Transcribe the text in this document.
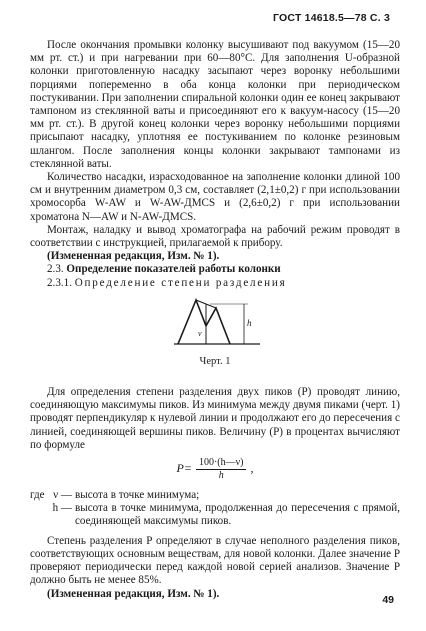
ГОСТ 14618.5—78 С. 3

После окончания промывки колонку высушивают под вакуумом (15—20 мм рт. ст.) и при нагревании при 60—80°С. Для заполнения U-образной колонки приготовленную насадку засыпают через воронку небольшими порциями попеременно в оба конца колонки при периодическом постукивании. При заполнении спиральной колонки один ее конец закрывают тампоном из стеклянной ваты и присоединяют его к вакуум-насосу (15—20 мм рт. ст.). В другой конец колонки через воронку небольшими порциями присыпают насадку, уплотняя ее постукиванием по колонке резиновым шлангом. После заполнения концы колонки закрывают тампонами из стеклянной ваты.

Количество насадки, израсходованное на заполнение колонки длиной 100 см и внутренним диаметром 0,3 см, составляет (2,1±0,2) г при использовании хромосорба W-AW и W-AW-ДМCS и (2,6±0,2) г при использовании хроматона N—AW и N-AW-ДМCS.

Монтаж, наладку и вывод хроматографа на рабочий режим проводят в соответствии с инструкцией, прилагаемой к прибору.

(Измененная редакция, Изм. № 1).

2.3. Определение показателей работы колонки

2.3.1. Определение степени разделения

h
ν
Черт. 1

Для определения степени разделения двух пиков (P) проводят линию, соединяющую максимумы пиков. Из минимума между двумя пиками (черт. 1) проводят перпендикуляр к нулевой линии и продолжают его до пересечения с линией, соединяющей вершины пиков. Величину (P) в процентах вычисляют по формуле

$P= \frac{100\cdot(h—\nu)}{h}$ ,
где ν — высота в точке минимума;
h — высота в точке минимума, продолженная до пересечения с прямой, соединяющей максимумы пиков.

Степень разделения P определяют в случае неполного разделения пиков, соответствующих основным веществам, для новой колонки. Далее значение P проверяют периодически перед каждой новой серией анализов. Значение P должно быть не менее 85%.

(Измененная редакция, Изм. № 1).

49
